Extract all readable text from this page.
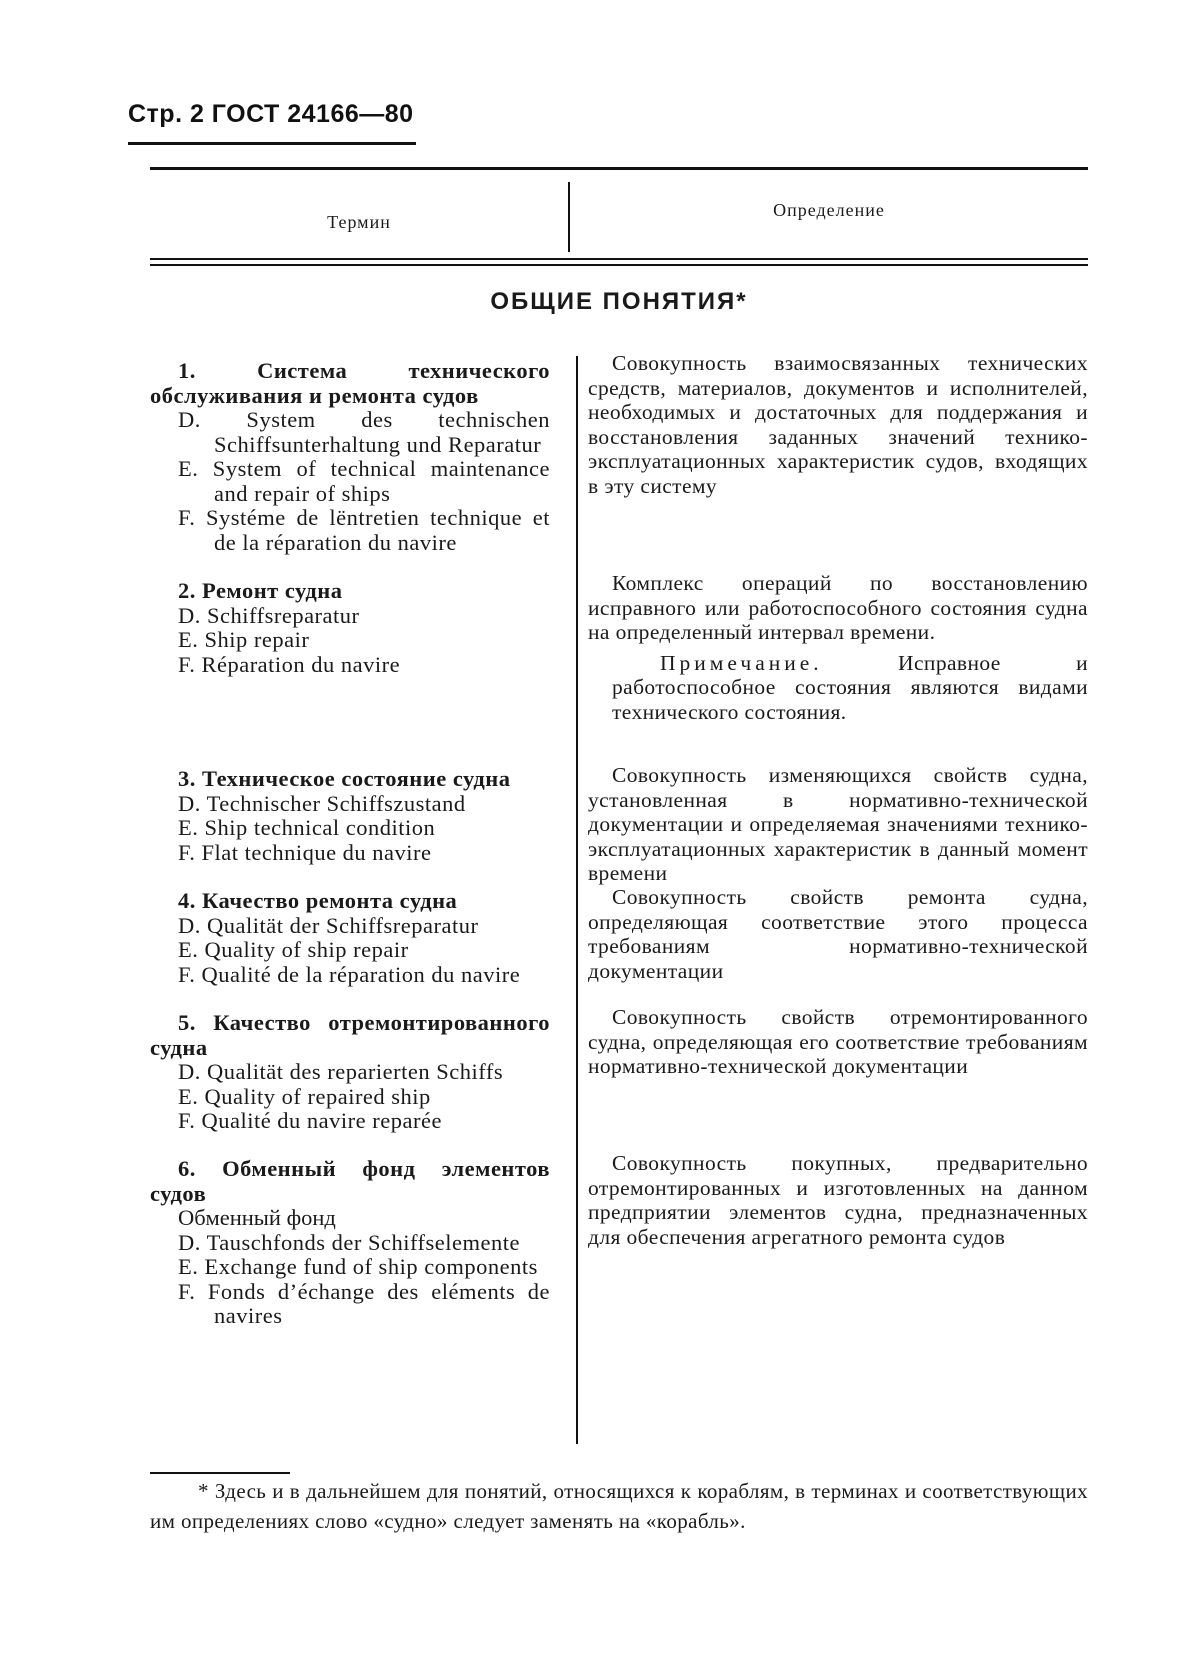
Стр. 2 ГОСТ 24166—80
Термин
Определение
ОБЩИЕ ПОНЯТИЯ*

1. Система технического обслуживания и ремонта судов

D. System des technischen Schiffsunterhaltung und Reparatur

E. System of technical maintenance and repair of ships

F. Systéme de lёntretien technique et de la réparation du navire

Совокупность взаимосвязанных технических средств, материалов, документов и исполнителей, необходимых и достаточных для поддержания и восстановления заданных значений технико-эксплуатационных характеристик судов, входящих в эту систему

2. Ремонт судна

D. Schiffsreparatur

E. Ship repair

F. Réparation du navire

Комплекс операций по восстановлению исправного или работоспособного состояния судна на определенный интервал времени.

Примечание.	Исправное и работоспособное состояния являются видами технического состояния.

3. Техническое состояние судна

D. Technischer Schiffszustand

E. Ship technical condition

F. Flat technique du navire

Совокупность изменяющихся свойств судна, установленная в нормативно-технической документации и определяемая значениями технико-эксплуатационных характеристик в данный момент времени

4. Качество ремонта судна

D. Qualität der Schiffsreparatur

E. Quality of ship repair

F. Qualité de la réparation du navire

Совокупность свойств ремонта судна, определяющая соответствие этого процесса требованиям нормативно-технической документации

5. Качество отремонтированного судна

D. Qualität des reparierten Schiffs

E. Quality of repaired ship

F. Qualité du navire reparée

Совокупность свойств отремонтированного судна, определяющая его соответствие требованиям нормативно-технической документации

6. Обменный фонд элементов судов

Обменный фонд

D. Tauschfonds der Schiffselemente

E. Exchange fund of ship components

F. Fonds d’échange des eléments de navires

Совокупность покупных, предварительно отремонтированных и изготовленных на данном предприятии элементов судна, предназначенных для обеспечения агрегатного ремонта судов

* Здесь и в дальнейшем для понятий, относящихся к кораблям, в терминах и соответствующих им определениях слово «судно» следует заменять на «корабль».
